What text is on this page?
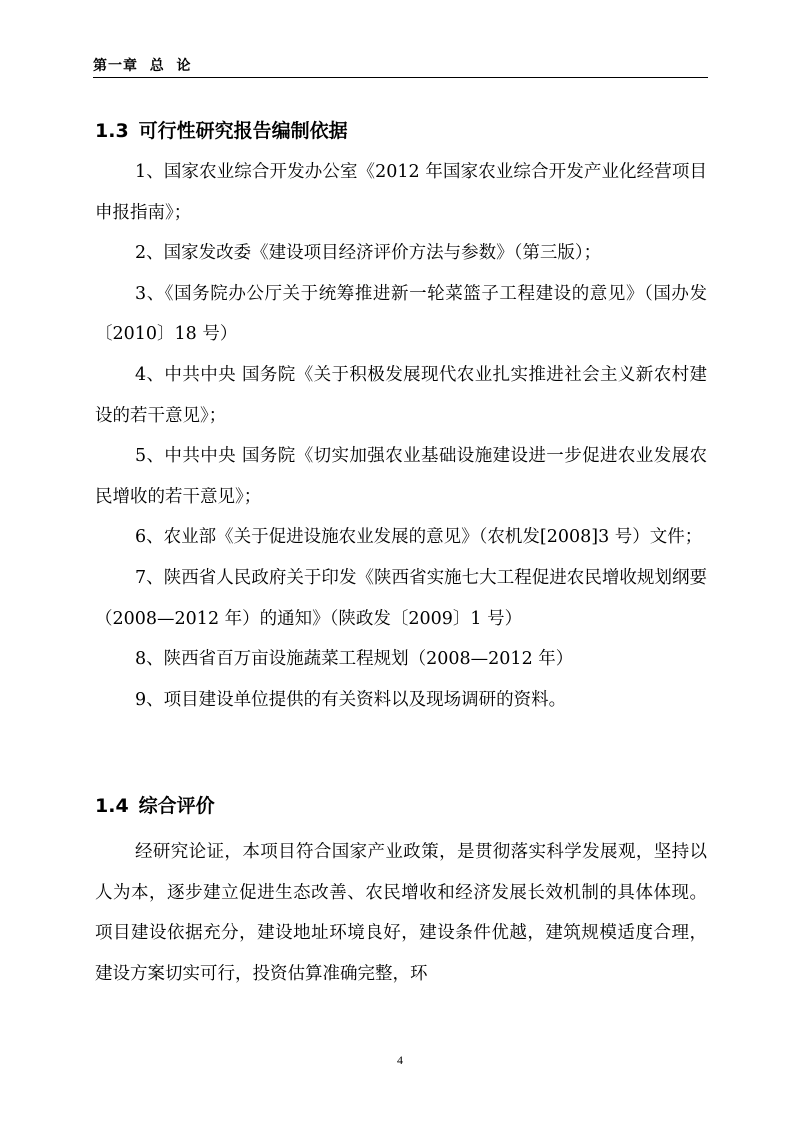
第一章  总  论
1.3 可行性研究报告编制依据

1、国家农业综合开发办公室《2012 年国家农业综合开发产业化经营项目申报指南》；

2、国家发改委《建设项目经济评价方法与参数》（第三版）；

3、《国务院办公厅关于统筹推进新一轮菜篮子工程建设的意见》（国办发〔2010〕18 号）

4、中共中央 国务院《关于积极发展现代农业扎实推进社会主义新农村建设的若干意见》；

5、中共中央 国务院《切实加强农业基础设施建设进一步促进农业发展农民增收的若干意见》；

6、农业部《关于促进设施农业发展的意见》（农机发[2008]3 号）文件；

7、陕西省人民政府关于印发《陕西省实施七大工程促进农民增收规划纲要（2008—2012 年）的通知》（陕政发〔2009〕1 号）

8、陕西省百万亩设施蔬菜工程规划（2008—2012 年）

9、项目建设单位提供的有关资料以及现场调研的资料。

1.4 综合评价

经研究论证，本项目符合国家产业政策，是贯彻落实科学发展观，坚持以人为本，逐步建立促进生态改善、农民增收和经济发展长效机制的具体体现。项目建设依据充分，建设地址环境良好，建设条件优越，建筑规模适度合理，建设方案切实可行，投资估算准确完整，环

4
